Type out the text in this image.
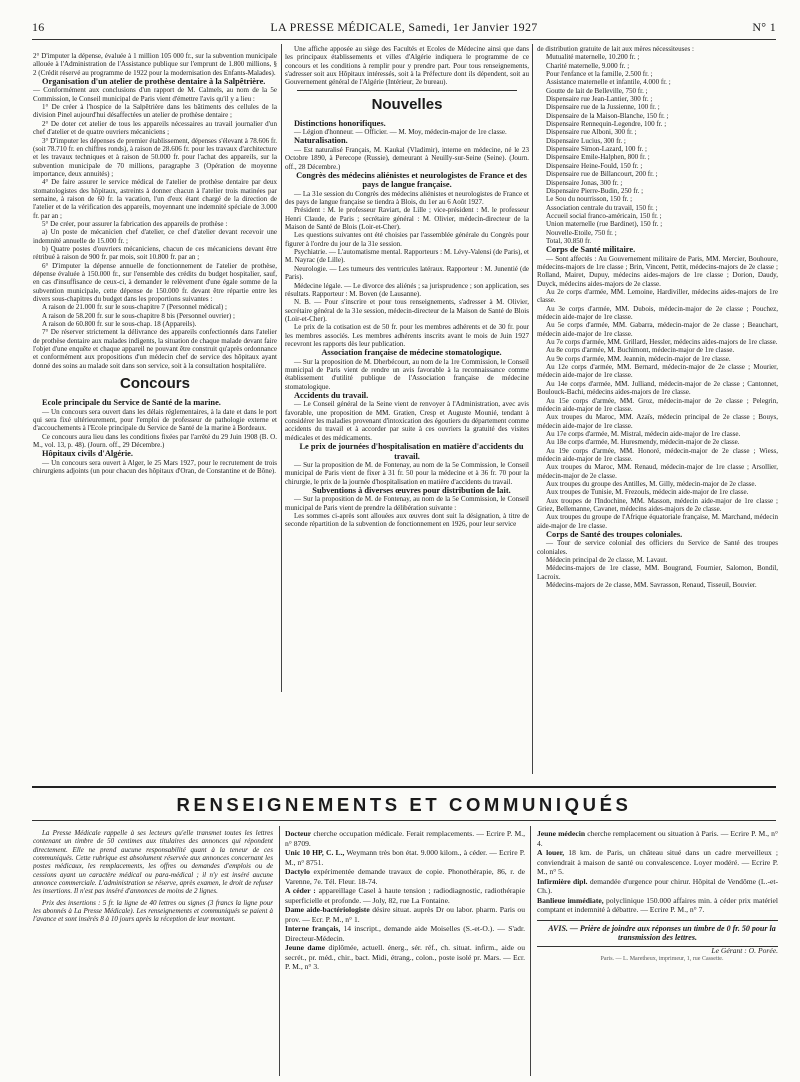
16	LA PRESSE MÉDICALE, Samedi, 1er Janvier 1927	N° 1

2° D'imputer la dépense, évaluée à 1 million 105 000 fr., sur la subvention municipale allouée à l'Administration de l'Assistance publique sur l'emprunt de 1.800 millions, § 2 (Crédit réservé au programme de 1922 pour la modernisation des Enfants-Malades).

Organisation d'un atelier de prothèse dentaire à la Salpêtrière.

— Conformément aux conclusions d'un rapport de M. Calmels, au nom de la 5e Commission, le Conseil municipal de Paris vient d'émettre l'avis qu'il y a lieu :

1° De créer à l'hospice de la Salpêtrière dans les bâtiments des cellules de la division Pinel aujourd'hui désaffectées un atelier de prothèse dentaire ;

2° De doter cet atelier de tous les appareils nécessaires au travail journalier d'un chef d'atelier et de quatre ouvriers mécaniciens ;

3° D'imputer les dépenses de premier établissement, dépenses s'élevant à 78.606 fr. (soit 78.710 fr. en chiffres ronds), à raison de 28.606 fr. pour les travaux d'architecture et les travaux techniques et à raison de 50.000 fr. pour l'achat des appareils, sur la subvention municipale de 70 millions, paragraphe 3 (Opération de moyenne importance, deux annuités) ;

4° De faire assurer le service médical de l'atelier de prothèse dentaire par deux stomatologistes des hôpitaux, astreints à donner chacun à l'atelier trois matinées par semaine, à raison de 60 fr. la vacation, l'un d'eux étant chargé de la direction de l'atelier et de la vérification des appareils, moyennant une indemnité spéciale de 3.000 fr. par an ;

5° De créer, pour assurer la fabrication des appareils de prothèse :

a) Un poste de mécanicien chef d'atelier, ce chef d'atelier devant recevoir une indemnité annuelle de 15.000 fr. ;

b) Quatre postes d'ouvriers mécaniciens, chacun de ces mécaniciens devant être rétribué à raison de 900 fr. par mois, soit 10.800 fr. par an ;

6° D'imputer la dépense annuelle de fonctionnement de l'atelier de prothèse, dépense évaluée à 150.000 fr., sur l'ensemble des crédits du budget hospitalier, sauf, en cas d'insuffisance de ceux-ci, à demander le relèvement d'une égale somme de la subvention municipale, cette dépense de 150.000 fr. devant être répartie entre les divers sous-chapitres du budget dans les proportions suivantes :

A raison de 21.000 fr. sur le sous-chapitre 7 (Personnel médical) ;

A raison de 58.200 fr. sur le sous-chapitre 8 bis (Personnel ouvrier) ;

A raison de 60.800 fr. sur le sous-chap. 18 (Appareils).

7° De réserver strictement la délivrance des appareils confectionnés dans l'atelier de prothèse dentaire aux malades indigents, la situation de chaque malade devant faire l'objet d'une enquête et chaque appareil ne pouvant être construit qu'après ordonnance et conformément aux propositions d'un médecin chef de service des hôpitaux ayant donné des soins au malade soit dans son service, soit à la consultation hospitalière.

Concours

Ecole principale du Service de Santé de la marine.

— Un concours sera ouvert dans les délais réglementaires, à la date et dans le port qui sera fixé ultérieurement, pour l'emploi de professeur de pathologie externe et d'accouchements à l'Ecole principale du Service de Santé de la marine à Bordeaux.

Ce concours aura lieu dans les conditions fixées par l'arrêté du 29 Juin 1908 (B. O. M., vol. 13, p. 48). (Journ. off., 29 Décembre.)

Hôpitaux civils d'Algérie.

— Un concours sera ouvert à Alger, le 25 Mars 1927, pour le recrutement de trois chirurgiens adjoints (un pour chacun des hôpitaux d'Oran, de Constantine et de Bône).

Une affiche apposée au siège des Facultés et Ecoles de Médecine ainsi que dans les principaux établissements et villes d'Algérie indiquera le programme de ce concours et les conditions à remplir pour y prendre part. Pour tous renseignements, s'adresser soit aux Hôpitaux intéressés, soit à la Préfecture dont ils dépendent, soit au Gouvernement général de l'Algérie (Intérieur, 2e bureau).

Nouvelles

Distinctions honorifiques.

— Légion d'honneur. — Officier. — M. Moy, médecin-major de 1re classe.

Naturalisation.

— Est naturalisé Français, M. Kaukal (Vladimir), interne en médecine, né le 23 Octobre 1890, à Perecope (Russie), demeurant à Neuilly-sur-Seine (Seine). (Journ. off., 28 Décembre.)

Congrès des médecins aliénistes et neurologistes de France et des pays de langue française.

— La 31e session du Congrès des médecins aliénistes et neurologistes de France et des pays de langue française se tiendra à Blois, du 1er au 6 Août 1927.

Président : M. le professeur Raviart, de Lille ; vice-président : M. le professeur Henri Claude, de Paris ; secrétaire général : M. Olivier, médecin-directeur de la Maison de Santé de Blois (Loir-et-Cher).

Les questions suivantes ont été choisies par l'assemblée générale du Congrès pour figurer à l'ordre du jour de la 31e session.

Psychiatrie. — L'automatisme mental. Rapporteurs : M. Lévy-Valensi (de Paris), et M. Nayrac (de Lille).

Neurologie. — Les tumeurs des ventricules latéraux. Rapporteur : M. Junentié (de Paris).

Médecine légale. — Le divorce des aliénés ; sa jurisprudence ; son application, ses résultats. Rapporteur : M. Boven (de Lausanne).

N. B. — Pour s'inscrire et pour tous renseignements, s'adresser à M. Olivier, secrétaire général de la 31e session, médecin-directeur de la Maison de Santé de Blois (Loir-et-Cher).

Le prix de la cotisation est de 50 fr. pour les membres adhérents et de 30 fr. pour les membres associés. Les membres adhérents inscrits avant le mois de Juin 1927 recevront les rapports dès leur publication.

Association française de médecine stomatologique.

— Sur la proposition de M. Dherbécourt, au nom de la 1re Commission, le Conseil municipal de Paris vient de rendre un avis favorable à la reconnaissance comme établissement d'utilité publique de l'Association française de médecine stomatologique.

Accidents du travail.

— Le Conseil général de la Seine vient de renvoyer à l'Administration, avec avis favorable, une proposition de MM. Gratien, Cresp et Auguste Mounié, tendant à considérer les maladies provenant d'intoxication des égoutiers du département comme accidents du travail et à accorder par suite à ces ouvriers la gratuité des visites médicales et des médicaments.

Le prix de journées d'hospitalisation en matière d'accidents du travail.

— Sur la proposition de M. de Fontenay, au nom de la 5e Commission, le Conseil municipal de Paris vient de fixer à 31 fr. 50 pour la médecine et à 36 fr. 70 pour la chirurgie, le prix de la journée d'hospitalisation en matière d'accidents du travail.

Subventions à diverses œuvres pour distribution de lait.

— Sur la proposition de M. de Fontenay, au nom de la 5e Commission, le Conseil municipal de Paris vient de prendre la délibération suivante :

Les sommes ci-après sont allouées aux œuvres dont suit la désignation, à titre de seconde répartition de la subvention de fonctionnement en 1926, pour leur service

de distribution gratuite de lait aux mères nécessiteuses :

Mutualité maternelle, 10.200 fr. ;

Charité maternelle, 9.000 fr. ;

Pour l'enfance et la famille, 2.500 fr. ;

Assistance maternelle et infantile, 4.000 fr. ;

Goutte de lait de Belleville, 750 fr. ;

Dispensaire rue Jean-Lantier, 300 fr. ;

Dispensaire rue de la Jussienne, 100 fr. ;

Dispensaire de la Maison-Blanche, 150 fr. ;

Dispensaire Rennequin-Legendre, 100 fr. ;

Dispensaire rue Alboni, 300 fr. ;

Dispensaire Lucius, 300 fr. ;

Dispensaire Simon-Lazard, 100 fr. ;

Dispensaire Emile-Halphen, 800 fr. ;

Dispensaire Heine-Fould, 150 fr. ;

Dispensaire rue de Billancourt, 200 fr. ;

Dispensaire Jonas, 300 fr. ;

Dispensaire Pierre-Budin, 250 fr. ;

Le Sou du nourrisson, 150 fr. ;

Association centrale du travail, 150 fr. ;

Accueil social franco-américain, 150 fr. ;

Union maternelle (rue Bardinet), 150 fr. ;

Nouvelle-Etoile, 750 fr. ;

Total, 30.850 fr.

Corps de Santé militaire.

— Sont affectés : Au Gouvernement militaire de Paris, MM. Mercier, Bouhoure, médecins-majors de 1re classe ; Brin, Vincent, Pettit, médecins-majors de 2e classe ; Rolland, Mairet, Dupuy, médecins aides-majors de 1re classe ; Dorion, Daudy, Duyck, médecins aides-majors de 2e classe.

Au 2e corps d'armée, MM. Lemoine, Hardiviller, médecins aides-majors de 1re classe.

Au 3e corps d'armée, MM. Dubois, médecin-major de 2e classe ; Pouchez, médecin aide-major de 1re classe.

Au 5e corps d'armée, MM. Gabarra, médecin-major de 2e classe ; Beauchart, médecin aide-major de 1re classe.

Au 7e corps d'armée, MM. Grillard, Hessler, médecins aides-majors de 1re classe.

Au 8e corps d'armée, M. Buchimont, médecin-major de 1re classe.

Au 9e corps d'armée, MM. Jeannin, médecin-major de 1re classe.

Au 12e corps d'armée, MM. Bernard, médecin-major de 2e classe ; Mourier, médecin aide-major de 1re classe.

Au 14e corps d'armée, MM. Julliand, médecin-major de 2e classe ; Cantonnet, Boulouck-Bachi, médecins aides-majors de 1re classe.

Au 15e corps d'armée, MM. Groz, médecin-major de 2e classe ; Pelegrin, médecin aide-major de 1re classe.

Aux troupes du Maroc, MM. Azaïs, médecin principal de 2e classe ; Bouys, médecin aide-major de 1re classe.

Au 17e corps d'armée, M. Mistral, médecin aide-major de 1re classe.

Au 18e corps d'armée, M. Huresmendy, médecin-major de 2e classe.

Au 19e corps d'armée, MM. Honoré, médecin-major de 2e classe ; Wiess, médecin aide-major de 1re classe.

Aux troupes du Maroc, MM. Renaud, médecin-major de 1re classe ; Arsollier, médecin-major de 2e classe.

Aux troupes du groupe des Antilles, M. Gilly, médecin-major de 2e classe.

Aux troupes de Tunisie, M. Frezouls, médecin aide-major de 1re classe.

Aux troupes de l'Indochine, MM. Masson, médecin aide-major de 1re classe ; Griez, Bellemanne, Cavanet, médecins aides-majors de 2e classe.

Aux troupes du groupe de l'Afrique équatoriale française, M. Marchand, médecin aide-major de 1re classe.

Corps de Santé des troupes coloniales.

— Tour de service colonial des officiers du Service de Santé des troupes coloniales.

Médecin principal de 2e classe, M. Lavaut.

Médecins-majors de 1re classe, MM. Bougrand, Fournier, Salomon, Bondil, Lacroix.

Médecins-majors de 2e classe, MM. Savrasson, Renaud, Tisseuil, Bouvier.

RENSEIGNEMENTS ET COMMUNIQUÉS

La Presse Médicale rappelle à ses lecteurs qu'elle transmet toutes les lettres contenant un timbre de 50 centimes aux titulaires des annonces qui répondent directement. Elle ne prend aucune responsabilité quant à la teneur de ces communiqués. Cette rubrique est absolument réservée aux annonces concernant les postes médicaux, les remplacements, les offres ou demandes d'emplois ou de cessions ayant un caractère médical ou para-médical ; il n'y est inséré aucune annonce commerciale. L'administration se réserve, après examen, le droit de refuser les insertions. Il n'est pas inséré d'annonces de moins de 2 lignes.

Prix des insertions : 5 fr. la ligne de 40 lettres ou signes (3 francs la ligne pour les abonnés à La Presse Médicale). Les renseignements et communiqués se paient à l'avance et sont insérés 8 à 10 jours après la réception de leur montant.

Docteur cherche occupation médicale. Ferait remplacements. — Ecrire P. M., n° 8709.

Unic 10 HP, C. L., Weymann très bon état. 9.000 kilom., à céder. — Ecrire P. M., n° 8751.

Dactylo expérimentée demande travaux de copie. Phonothérapie, 86, r. de Varenne, 7e. Tél. Fleur. 18-74.

A céder : appareillage Casel à haute tension ; radiodiagnostic, radiothérapie superficielle et profonde. — Joly, 82, rue La Fontaine.

Dame aide-bactériologiste désire situat. auprès Dr ou labor. pharm. Paris ou prov. — Ecr. P. M., n° 1.

Interne français, 14 inscript., demande aide Moiselles (S.-et-O.). — S'adr. Directeur-Médecin.

Jeune dame diplômée, actuell. énerg., sér. réf., ch. situat. infirm., aide ou secrét., pr. méd., chir., bact. Midi, étrang., colon., poste isolé pr. Mars. — Ecr. P. M., n° 3.

Jeune médecin cherche remplacement ou situation à Paris. — Ecrire P. M., n° 4.

A louer, 18 km. de Paris, un château situé dans un cadre merveilleux ; conviendrait à maison de santé ou convalescence. Loyer modéré. — Ecrire P. M., n° 5.

Infirmière dipl. demandée d'urgence pour chirur. Hôpital de Vendôme (L.-et-Ch.).

Banlieue immédiate, polyclinique 150.000 affaires min. à céder prix matériel comptant et indemnité à débattre. — Ecrire P. M., n° 7.

AVIS. — Prière de joindre aux réponses un timbre de 0 fr. 50 pour la transmission des lettres.

Le Gérant : O. Porée.

Paris. — L. Maretheux, imprimeur, 1, rue Cassette.
